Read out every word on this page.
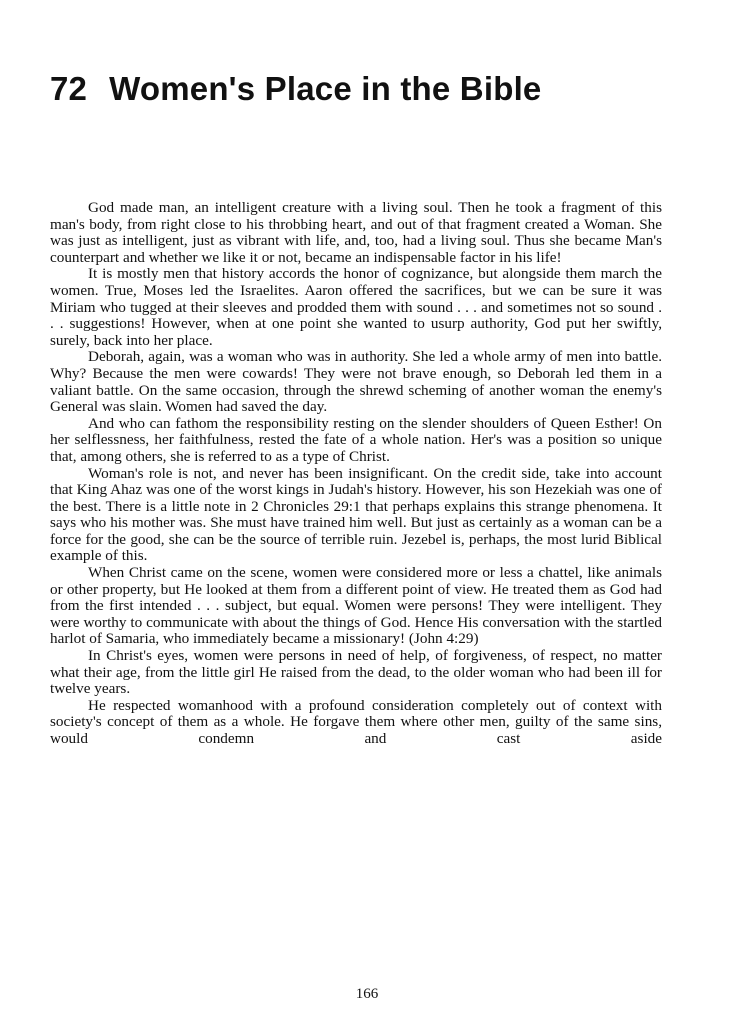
72 Women's Place in the Bible

God made man, an intelligent creature with a living soul. Then he took a fragment of this man's body, from right close to his throbbing heart, and out of that fragment created a Woman. She was just as intelligent, just as vibrant with life, and, too, had a living soul. Thus she became Man's counterpart and whether we like it or not, became an indispensable factor in his life!

It is mostly men that history accords the honor of cognizance, but alongside them march the women. True, Moses led the Israelites. Aaron offered the sacrifices, but we can be sure it was Miriam who tugged at their sleeves and prodded them with sound . . . and sometimes not so sound . . . suggestions! However, when at one point she wanted to usurp authority, God put her swiftly, surely, back into her place.

Deborah, again, was a woman who was in authority. She led a whole army of men into battle. Why? Because the men were cowards! They were not brave enough, so Deborah led them in a valiant battle. On the same occasion, through the shrewd scheming of another woman the enemy's General was slain. Women had saved the day.

And who can fathom the responsibility resting on the slender shoulders of Queen Esther! On her selflessness, her faithfulness, rested the fate of a whole nation. Her's was a position so unique that, among others, she is referred to as a type of Christ.

Woman's role is not, and never has been insignificant. On the credit side, take into account that King Ahaz was one of the worst kings in Judah's history. However, his son Hezekiah was one of the best. There is a little note in 2 Chronicles 29:1 that perhaps explains this strange phenomena. It says who his mother was. She must have trained him well. But just as certainly as a woman can be a force for the good, she can be the source of terrible ruin. Jezebel is, perhaps, the most lurid Biblical example of this.

When Christ came on the scene, women were considered more or less a chattel, like animals or other property, but He looked at them from a different point of view. He treated them as God had from the first intended . . . subject, but equal. Women were persons! They were intelligent. They were worthy to communicate with about the things of God. Hence His conversation with the startled harlot of Samaria, who immediately became a missionary! (John 4:29)

In Christ's eyes, women were persons in need of help, of forgiveness, of respect, no matter what their age, from the little girl He raised from the dead, to the older woman who had been ill for twelve years.

He respected womanhood with a profound consideration completely out of context with society's concept of them as a whole. He forgave them where other men, guilty of the same sins, would condemn and cast aside

166
